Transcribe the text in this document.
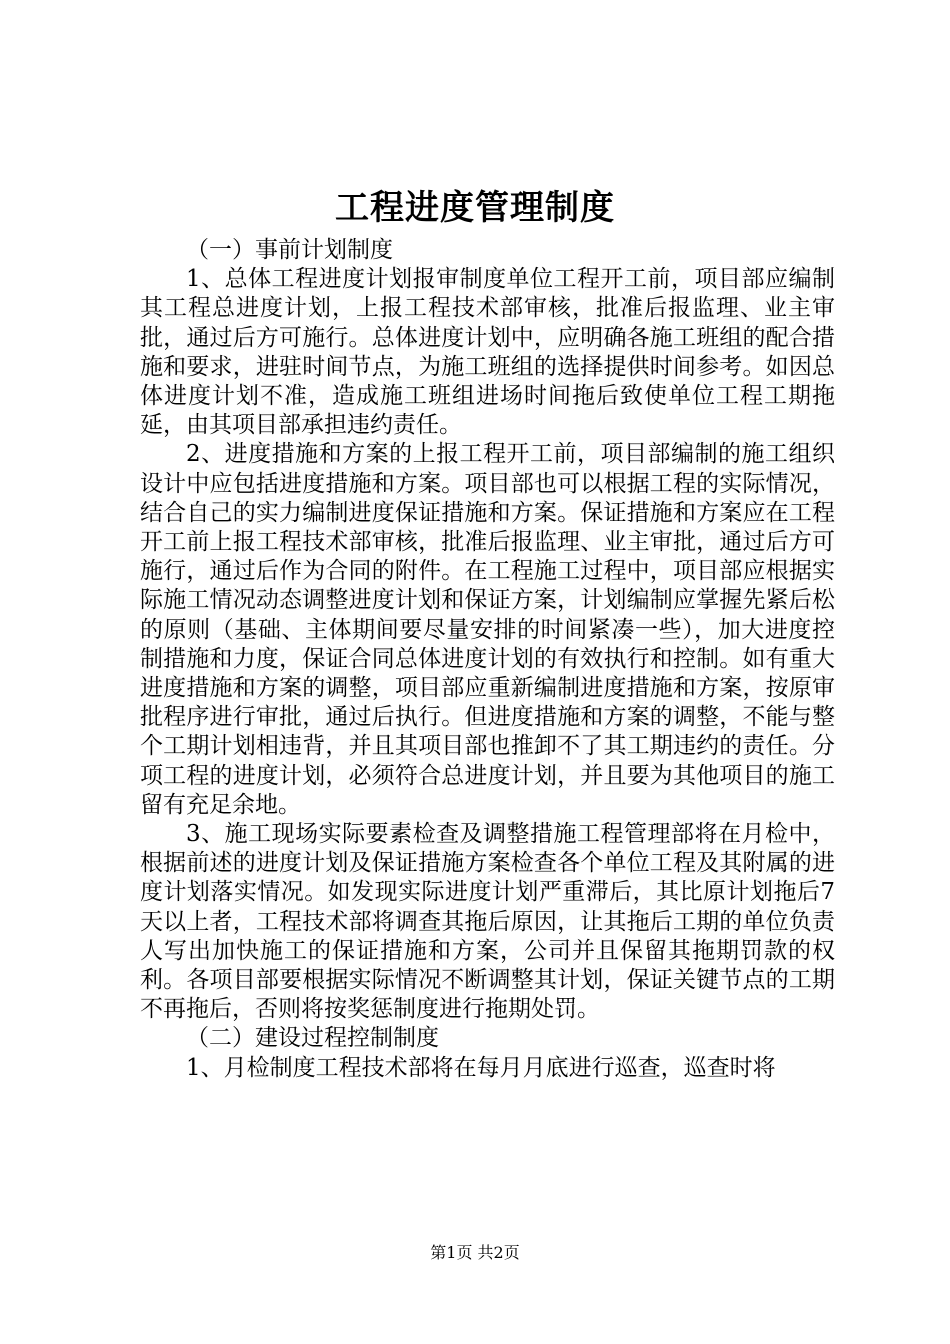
工程进度管理制度

（一）事前计划制度

1、总体工程进度计划报审制度单位工程开工前，项目部应编制其工程总进度计划，上报工程技术部审核，批准后报监理、业主审批，通过后方可施行。总体进度计划中，应明确各施工班组的配合措施和要求，进驻时间节点，为施工班组的选择提供时间参考。如因总体进度计划不准，造成施工班组进场时间拖后致使单位工程工期拖延，由其项目部承担违约责任。

2、进度措施和方案的上报工程开工前，项目部编制的施工组织设计中应包括进度措施和方案。项目部也可以根据工程的实际情况，结合自己的实力编制进度保证措施和方案。保证措施和方案应在工程开工前上报工程技术部审核，批准后报监理、业主审批，通过后方可施行，通过后作为合同的附件。在工程施工过程中，项目部应根据实际施工情况动态调整进度计划和保证方案，计划编制应掌握先紧后松的原则（基础、主体期间要尽量安排的时间紧凑一些），加大进度控制措施和力度，保证合同总体进度计划的有效执行和控制。如有重大进度措施和方案的调整，项目部应重新编制进度措施和方案，按原审批程序进行审批，通过后执行。但进度措施和方案的调整，不能与整个工期计划相违背，并且其项目部也推卸不了其工期违约的责任。分项工程的进度计划，必须符合总进度计划，并且要为其他项目的施工留有充足余地。

3、施工现场实际要素检查及调整措施工程管理部将在月检中，根据前述的进度计划及保证措施方案检查各个单位工程及其附属的进度计划落实情况。如发现实际进度计划严重滞后，其比原计划拖后7天以上者，工程技术部将调查其拖后原因，让其拖后工期的单位负责人写出加快施工的保证措施和方案，公司并且保留其拖期罚款的权利。各项目部要根据实际情况不断调整其计划，保证关键节点的工期不再拖后，否则将按奖惩制度进行拖期处罚。

（二）建设过程控制制度

1、月检制度工程技术部将在每月月底进行巡查，巡查时将

第1页 共2页
